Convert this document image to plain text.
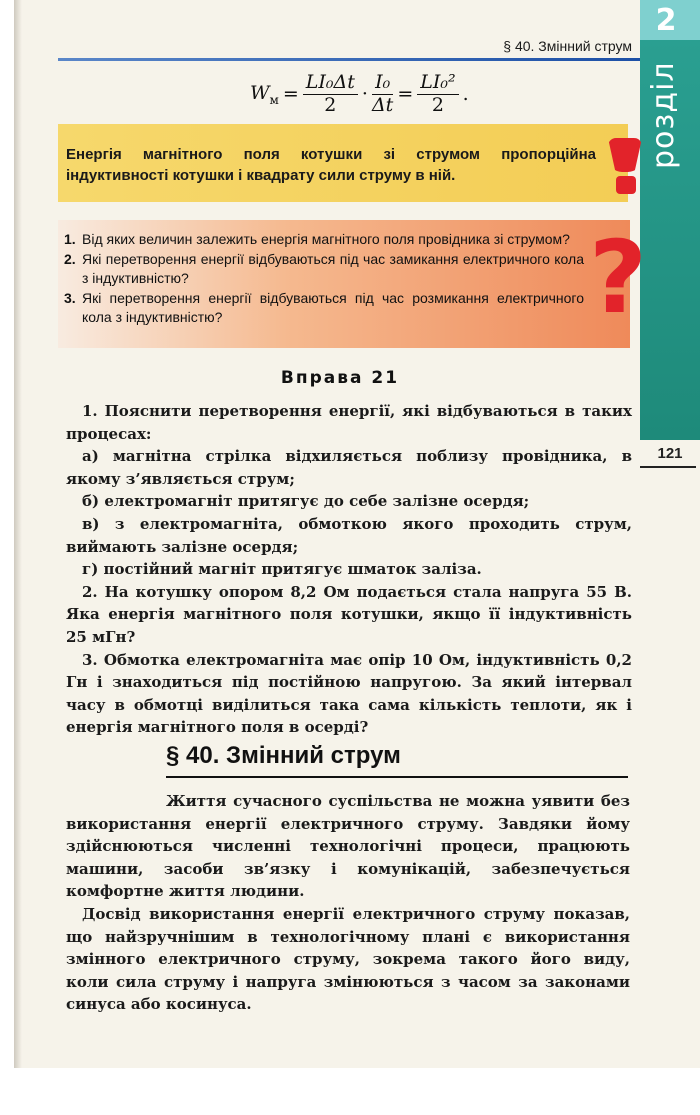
2
розділ
121
§ 40. Змінний струм
$W_м = \frac{\text{LI₀Δt}}{2} \cdot \frac{\text{I₀}}{\Delta t} = \frac{\text{LI₀²}}{2}$ .
Енергія магнітного поля котушки зі струмом пропорційна індуктивності котушки і квадрату сили струму в ній.
1. Від яких величин залежить енергія магнітного поля провідника зі струмом?
2. Які перетворення енергії відбуваються під час замикання електричного кола з індуктивністю?
3. Які перетворення енергії відбуваються під час розмикання електричного кола з індуктивністю?	?
Вправа 21

1. Пояснити перетворення енергії, які відбуваються в таких процесах:

а) магнітна стрілка відхиляється поблизу провідника, в якому з’являється струм;

б) електромагніт притягує до себе залізне осердя;

в) з електромагніта, обмоткою якого проходить струм, виймають залізне осердя;

г) постійний магніт притягує шматок заліза.

2. На котушку опором 8,2 Ом подається стала напруга 55 В. Яка енергія магнітного поля котушки, якщо її індуктивність 25 мГн?

3. Обмотка електромагніта має опір 10 Ом, індуктивність 0,2 Гн і знаходиться під постійною напругою. За який інтервал часу в обмотці виділиться така сама кількість теплоти, як і енергія магнітного поля в осерді?

§ 40. Змінний струм

Життя сучасного суспільства не можна уявити без використання енергії електричного струму. Завдяки йому здійснюються численні технологічні процеси, працюють машини, засоби зв’язку і комунікацій, забезпечується комфортне життя людини.

Досвід використання енергії електричного струму показав, що найзручнішим в технологічному плані є використання змінного електричного струму, зокрема такого його виду, коли сила струму і напруга змінюються з часом за законами синуса або косинуса.
